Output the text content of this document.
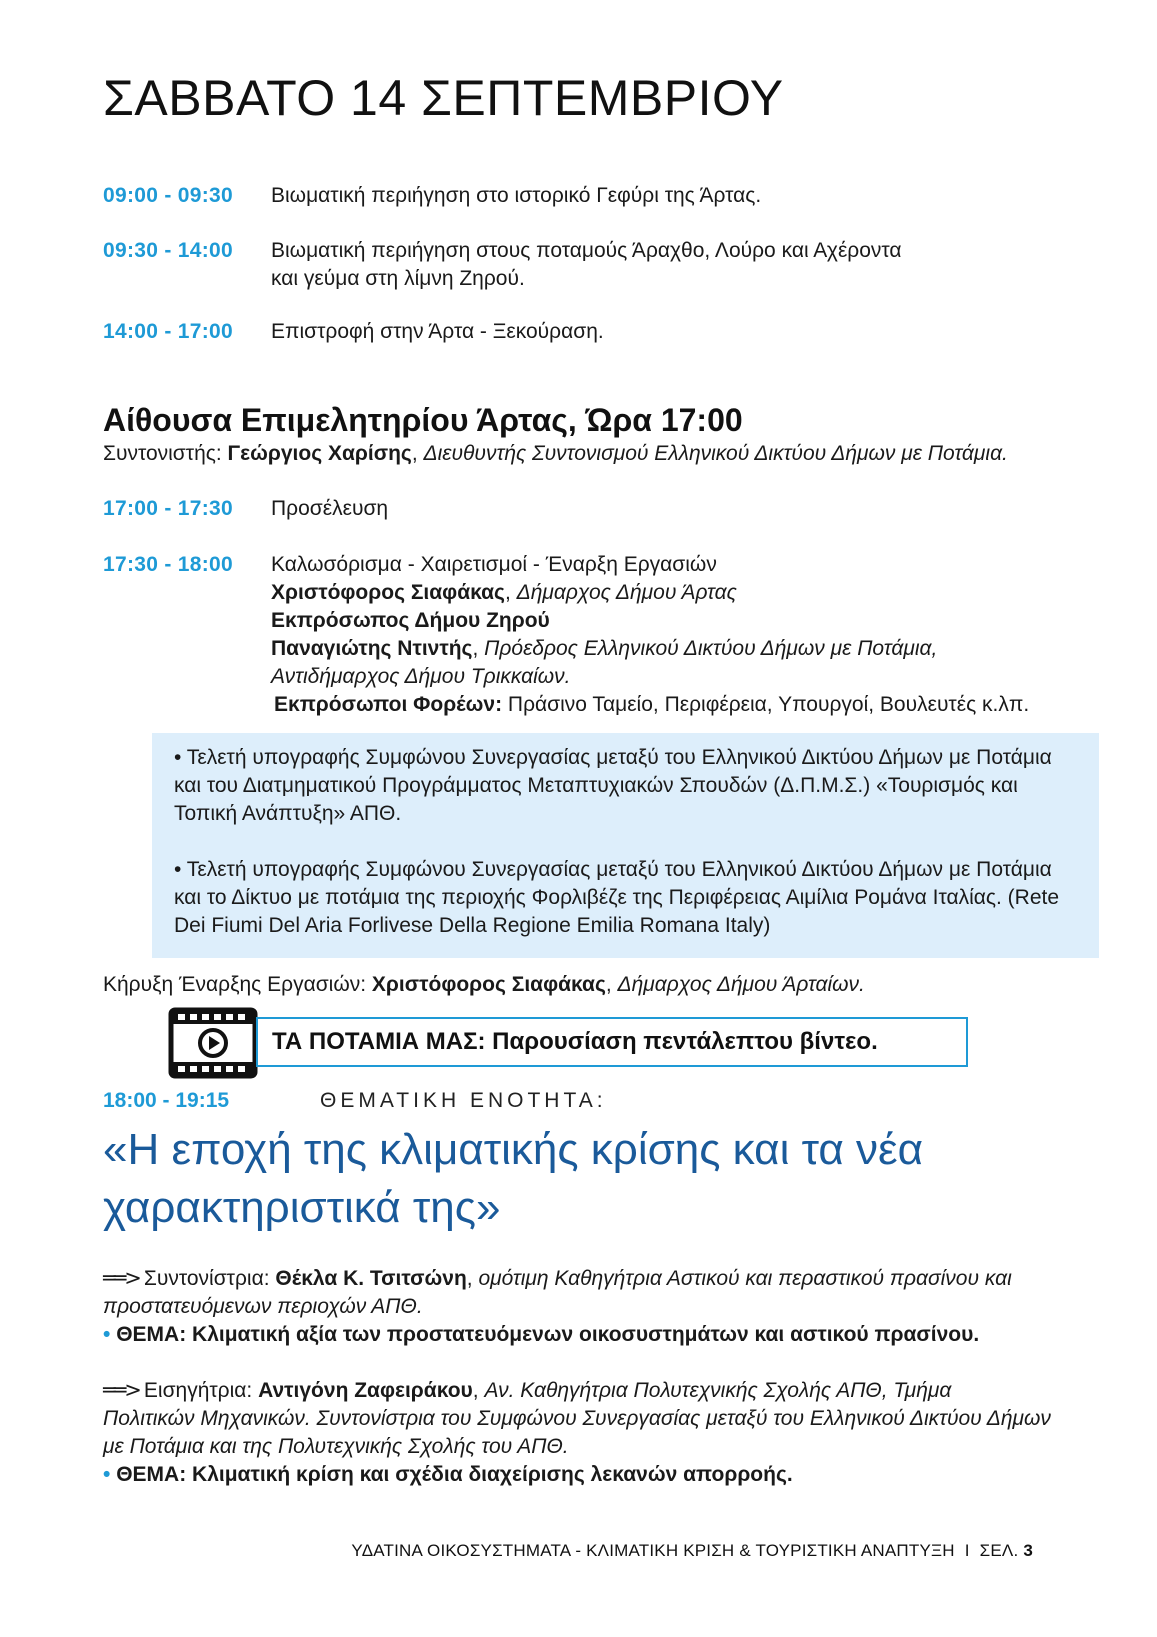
ΣΑΒΒΑΤΟ 14 ΣΕΠΤΕΜΒΡΙΟΥ
09:00 - 09:30	Βιωματική περιήγηση στο ιστορικό Γεφύρι της Άρτας.
09:30 - 14:00	Βιωματική περιήγηση στους ποταμούς Άραχθο, Λούρο και Αχέροντα
και γεύμα στη λίμνη Ζηρού.
14:00 - 17:00	Επιστροφή στην Άρτα - Ξεκούραση.
Αίθουσα Επιμελητηρίου Άρτας, Ώρα 17:00
Συντονιστής: Γεώργιος Χαρίσης, Διευθυντής Συντονισμού Ελληνικού Δικτύου Δήμων με Ποτάμια.
17:00 - 17:30	Προσέλευση
17:30 - 18:00	Καλωσόρισμα - Χαιρετισμοί - Έναρξη Εργασιών
Χριστόφορος Σιαφάκας, Δήμαρχος Δήμου Άρτας
Εκπρόσωπος Δήμου Ζηρού
Παναγιώτης Ντιντής, Πρόεδρος Ελληνικού Δικτύου Δήμων με Ποτάμια,
Αντιδήμαρχος Δήμου Τρικκαίων.
Εκπρόσωποι Φορέων: Πράσινο Ταμείο, Περιφέρεια, Υπουργοί, Βουλευτές κ.λπ.

• Τελετή υπογραφής Συμφώνου Συνεργασίας μεταξύ του Ελληνικού Δικτύου Δήμων με Ποτάμια και του Διατμηματικού Προγράμματος Μεταπτυχιακών Σπουδών (Δ.Π.Μ.Σ.) «Τουρισμός και Τοπική Ανάπτυξη» ΑΠΘ.

• Τελετή υπογραφής Συμφώνου Συνεργασίας μεταξύ του Ελληνικού Δικτύου Δήμων με Ποτάμια και το Δίκτυο με ποτάμια της περιοχής Φορλιβέζε της Περιφέρειας Αιμίλια Ρομάνα Ιταλίας. (Rete Dei Fiumi Del Aria Forlivese Della Regione Emilia Romana Italy)

Κήρυξη Έναρξης Εργασιών: Χριστόφορος Σιαφάκας, Δήμαρχος Δήμου Άρταίων.
ΤΑ ΠΟΤΑΜΙΑ ΜΑΣ: Παρουσίαση πεντάλεπτου βίντεο.
18:00 - 19:15	ΘΕΜΑΤΙΚΗ ΕΝΟΤΗΤΑ:
«Η εποχή της κλιματικής κρίσης και τα νέα
χαρακτηριστικά της»
══> Συντονίστρια: Θέκλα Κ. Τσιτσώνη, ομότιμη Καθηγήτρια Αστικού και περαστικού πρασίνου και
προστατευόμενων περιοχών ΑΠΘ.
• ΘΕΜΑ: Κλιματική αξία των προστατευόμενων οικοσυστημάτων και αστικού πρασίνου.
══> Εισηγήτρια: Αντιγόνη Ζαφειράκου, Αν. Καθηγήτρια Πολυτεχνικής Σχολής ΑΠΘ, Τμήμα
Πολιτικών Μηχανικών. Συντονίστρια του Συμφώνου Συνεργασίας μεταξύ του Ελληνικού Δικτύου Δήμων
με Ποτάμια και της Πολυτεχνικής Σχολής του ΑΠΘ.
• ΘΕΜΑ: Κλιματική κρίση και σχέδια διαχείρισης λεκανών απορροής.
ΥΔΑΤΙΝΑ ΟΙΚΟΣΥΣΤΗΜΑΤΑ - ΚΛΙΜΑΤΙΚΗ ΚΡΙΣΗ & ΤΟΥΡΙΣΤΙΚΗ ΑΝΑΠΤΥΞΗ I ΣΕΛ. 3
